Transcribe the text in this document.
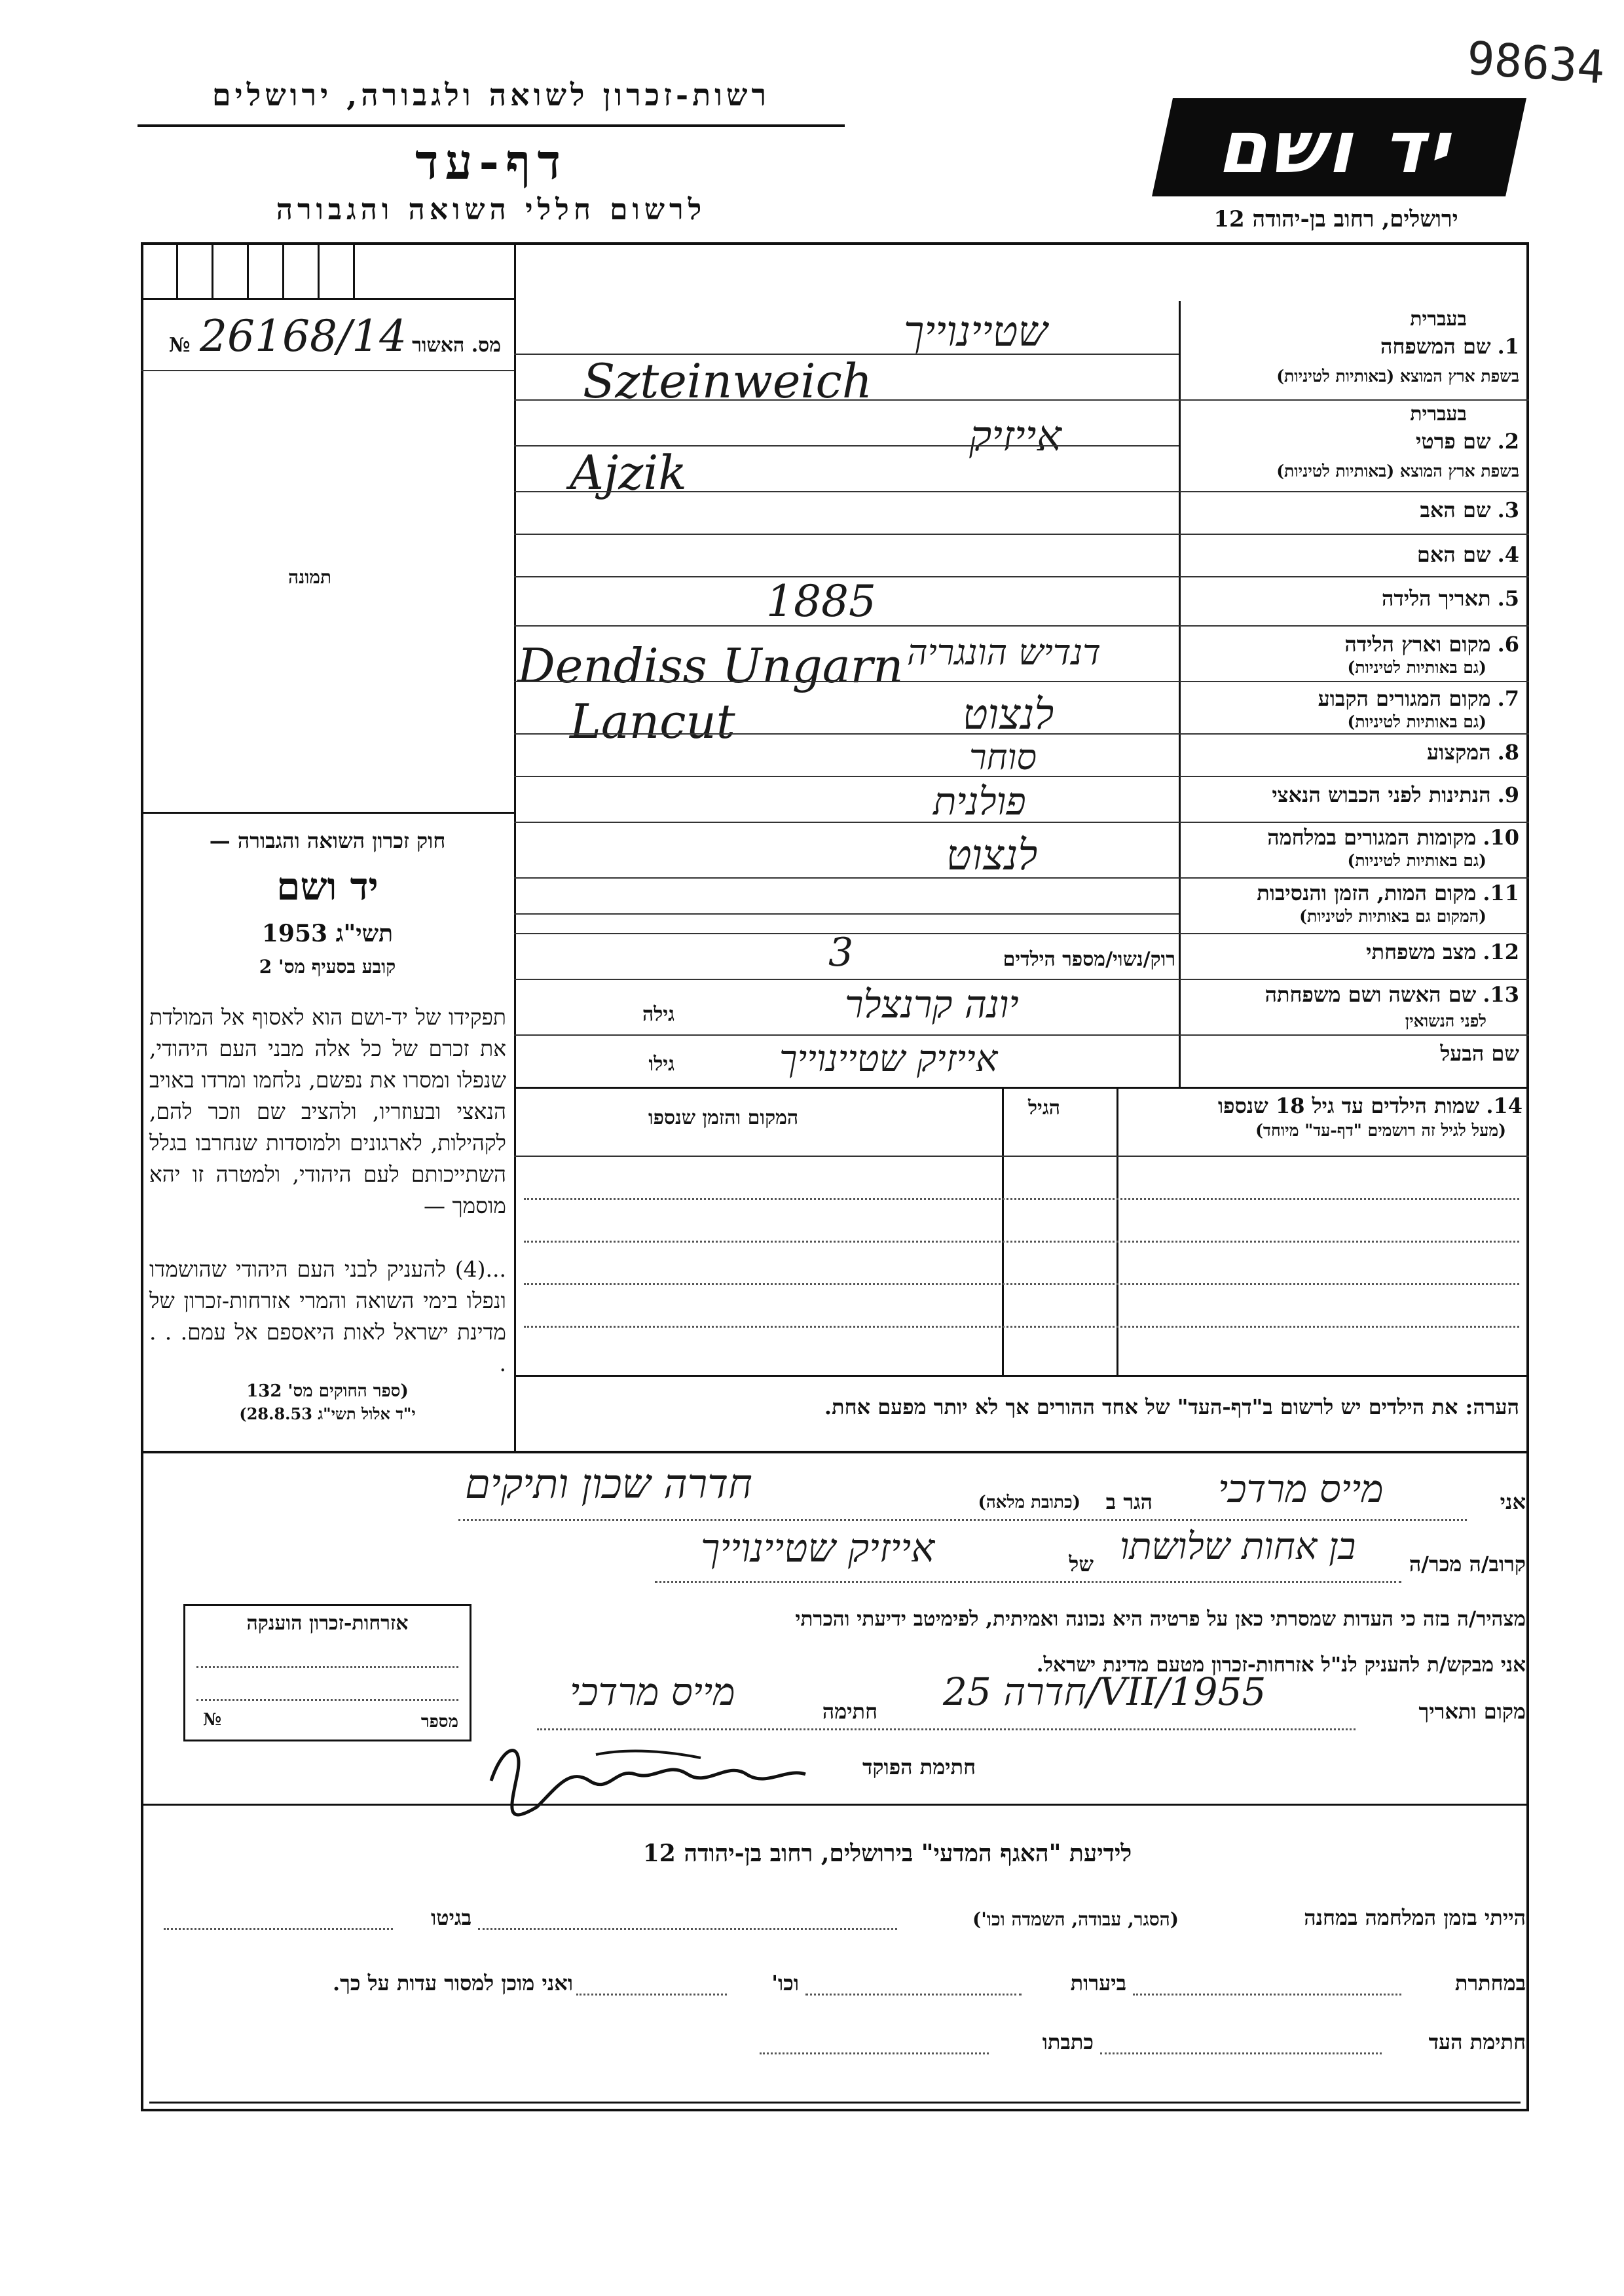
98634
רשות-זכרון לשואה ולגבורה, ירושלים
דף-עד
לרשום חללי השואה והגבורה
יד ושם
ירושלים, רחוב בן-יהודה 12
№ 26168/14 מס. האשור
תמונה
חוק זכרון השואה והגבורה —
יד ושם
תשי"ג 1953
קובע בסעיף מס' 2
תפקידו של יד-ושם הוא לאסוף אל המולדת את זכרם של כל אלה מבני העם היהודי, שנפלו ומסרו את נפשם, נלחמו ומרדו באויב הנאצי ובעוזריו, ולהציב שם וזכר להם, לקהילות, לארגונים ולמוסדות שנחרבו בגלל השתייכותם לעם היהודי, ולמטרה זו יהא מוסמך —
...(4) להעניק לבני העם היהודי שהושמדו ונפלו בימי השואה והמרי אזרחות-זכרון של מדינת ישראל לאות היאספם אל עמם. . . .
(ספר החוקים מס' 132
י"ד אלול תשי"ג 28.8.53)
בעברית
1.שם המשפחה
בשפת ארץ המוצא (באותיות לטיניות)
שטיינוייך
Szteinweich
בעברית
2.שם פרטי
בשפת ארץ המוצא (באותיות לטיניות)
אייזיק
Ajzik
3.שם האב
4.שם האם
5.תאריך הלידה
1885
6.מקום וארץ הלידה
(גם באותיות לטיניות)
דנדיש הונגריה
Dendiss Ungarn
7.מקום המגורים הקבוע
(גם באותיות לטיניות)
לנצוט
Lancut
8.המקצוע
סוחר
9.הנתינות לפני הכבוש הנאצי
פולנית
10.מקומות המגורים במלחמה
(גם באותיות לטיניות)
לנצוט
11.מקום המות, הזמן והנסיבות
(המקום גם באותיות לטיניות)
12.מצב משפחתי
רוק/נשוי/מספר הילדים
3
13.שם האשה ושם משפחתה
לפני הנשואין
יונה קרנצלר
גילה
שם הבעל
אייזיק שטיינוייך
גילו
14.שמות הילדים עד גיל 18 שנספו
(מעל לגיל זה רושמים "דף-עד" מיוחד)
הגיל
המקום והזמן שנספו
הערה: את הילדים יש לרשום ב"דף-העד" של אחד ההורים אך לא יותר מפעם אחת.
אני
מייס מרדכי
הגר ב
(כתובת מלאה)
חדרה שכון ותיקים
קרוב/ה מכר/ה
בן אחות שלושתו
של
אייזיק שטיינוייך
מצהיר/ה בזה כי העדות שמסרתי כאן על פרטיה היא נכונה ואמיתית, לפימיטב ידיעתי והכרתי
אני מבקש/ת להעניק לנ"ל אזרחות-זכרון מטעם מדינת ישראל.
מקום ותאריך
חדרה 25/VII/1955
חתימה
מייס מרדכי
חתימת הפוקד
אזרחות-זכרון הוענקה
מספר
№
לידיעת "האגף המדעי" בירושלים, רחוב בן-יהודה 12
הייתי בזמן המלחמה במחנה
(הסגר, עבודה, השמדה וכו')
בגיטו
במחתרת
ביערות
וכו'
ואני מוכן למסור עדות על כך.
חתימת העד
כתבתו
